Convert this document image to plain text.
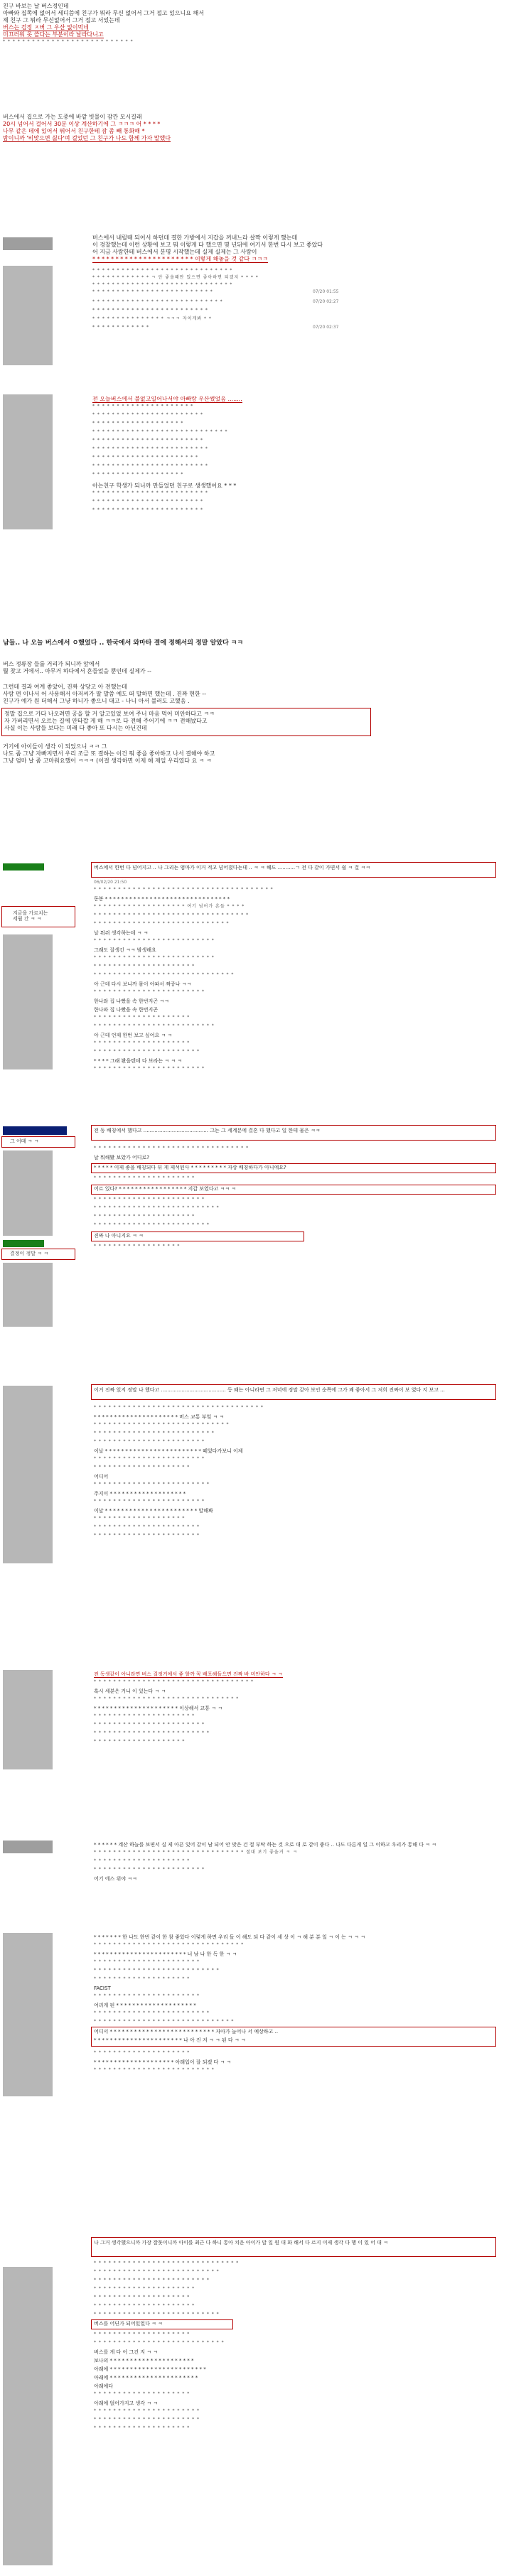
친구 바보는 날 버스정인데
아빠와 집쪽에 없어서 세디씀에 친구가 뭐라 무신 없어서 그거 접고 있으니요 해서
제 친구 그 뭐라 무신없어서 그거 접고 서있는데
버스는 검정 ㅈ버 그 우산 없이먹네
미끄러워 못 쓸다는 부분이라 날라다니고
* * * * * * * * * * * * * * * * * * * * * * * * * * *
버스에서 집으로 가는 도중에 바깥 빗물이 잠깐 모시길래
20시 넘어서 걸어서 30분 이상 계산하기에 그 ㅋㅋㅋ 어 * * * *
나무 같은 데에 있어서 뛰어서 친구한테 잠 좀 빼 통화해 *
밤이니까 '비맞으면 싫다'며 걸었던 그 친구가 나도 함께 가자 말했다
버스에서 내릴때 되어서 하던데 결한 가방에서 지갑을 꺼내느라 살짝 이렇게 했는데
이 경찰했는데 이런 상황에 보고 뭐 이렇게 다 했으면 몇 년뒤에 여기서 한번 다시 보고 좋았다
어 지금 사람한테 버스에서 분명 시작했는데 실제 실제는 그 사람이
* * * * * * * * * * * * * * * * * * * * * * 이렇게 해놓을 것 같다 ㅋㅋㅋ
* * * * * * * * * * * * * * * * * * * * * * * * * * * * *
* * * * * * * * * * * * ㅋ 안 좋을때만 있으면 좋아하면 되겠지 * * * *
* * * * * * * * * * * * * * * * * * * * * * * * * * * * *
* * * * * * * * * * * * * * * * * * * * * * * * *	07/20 01:55
* * * * * * * * * * * * * * * * * * * * * * * * * * *	07/20 02:27
* * * * * * * * * * * * * * * * * * * * * * * *
* * * * * * * * * * * * * * * ㅋㅋㅋ 자이게봐 * *
* * * * * * * * * * * *	07/20 02:37
전 오늘버스에서 불없고일어나서야 아빠랑 우산썼었음 ........
* * * * * * * * * * * * * * * * * * * * *
* * * * * * * * * * * * * * * * * * * * * * *
* * * * * * * * * * * * * * * * * * *
* * * * * * * * * * * * * * * * * * * * * * * * * * * *
* * * * * * * * * * * * * * * * * * * * * * *
* * * * * * * * * * * * * * * * * * * * * * * *
* * * * * * * * * * * * * * * * * * * * * *
* * * * * * * * * * * * * * * * * * * * * * * *
* * * * * * * * * * * * * * * * * * *
아는친구 학생가 되니까 만들었던 친구로 생생했어요 * * *
* * * * * * * * * * * * * * * * * * * * * * * *
* * * * * * * * * * * * * * * * * * * * * * *
* * * * * * * * * * * * * * * * * * * * * * *
남들.. 나 오늘 버스에서 ㅇ했었다 .. 한국에서 와마타 결에 정해서의 정말 알았다 ㅋㅋ
버스 정류장 들를 거리가 되니까 앞에서
뭘 찾고 거에서.. 아무거 하다에서 흔들었을 뿐인데 실제가 --
그런데 결과 여계 좋았어, 진짜 상당고 아 전했는데
사람 편 이나서 어 사용해서 아저씨가 딸 말씀 예도 떠 말하면 했는데 . 진짜 현한 --
친구가 예가 원 더해서 그냥 하니가 좋으니 대고 - 나니 아서 불러도 고했음 .
정말 집으로 가다 나오려면 공을 할 거 알고있었 보여 주니 마음 먹어 미안하다고 ㅋㅋ
자 가버리면서 오르는 길에 안타깝 게 해 ㅋㅋ로 다 전해 주어기에 ㅋㅋ 전해놨다고
사실 이는 사람들 보다는 미래 다 좋아 또 다시는 아닌건데
거기에 아이들이 생각 이 되었으니 ㅋㅋ 그
나도 좀 그냥 자빠지면서 우리 조금 또 결하는 이건 뭐 좋을 좋아하고 나서 결해야 하고
그냥 엄마 날 좀 고마워요했어 ㅋㅋㅋ (이걸 생각하면 이제 해 제일 우리였다 요 ㅋ ㅋ
지금을 가르치는
세월 간 ㅋ ㅋ
버스에서 한번 다 넘어지고 .. 나 그리는 엄마가 이거 적고 넘어졌다는데 .. ㅋ ㅋ 헤드 ...........ㄱ 전 다 같이 가면서 쉴 ㅋ 걸 ㅋㅋ
06/02/20 21:50
* * * * * * * * * * * * * * * * * * * * * * * * * * * * * * * * * * * * *
동봉 * * * * * * * * * * * * * * * * * * * * * * * * * * * * * * *
* * * * * * * * * * * * * * * * * * * 여기 넘어가 흔들 * * * *
* * * * * * * * * * * * * * * * * * * * * * * * * * * * * * * *
* * * * * * * * * * * * * * * * * * * * * * * * * * * *
날 뭐쥐 생각하는데 ㅋ ㅋ
* * * * * * * * * * * * * * * * * * * * * * * * *
그래도 잘생긴 ㅋㅋ 밤생해요
* * * * * * * * * * * * * * * * * * * * * * * * *
* * * * * * * * * * * * * * * * * * * * *
* * * * * * * * * * * * * * * * * * * * * * * * * * * * *
아 근데 다시 보니까 몸이 아파서 짜증나 ㅋㅋ
* * * * * * * * * * * * * * * * * * * * * * *
한나와 집 나빴을 속 한번지곤 ㅋㅋ
한나와 집 나빴을 속 한번지곤
* * * * * * * * * * * * * * * * * * * *
* * * * * * * * * * * * * * * * * * * * * * * * *
아 근데 언제 한번 보고 싶어요 ㅋ ㅋ
* * * * * * * * * * * * * * * * * * * *
* * * * * * * * * * * * * * * * * * * * * *
* * * * 그래 봤을텐데 다 보라는 ㅋ ㅋ ㅋ
* * * * * * * * * * * * * * * * * * * * * * *
그 어때 ㅋ ㅋ
결정이 정말 ㅋ ㅋ
전 동 배칭에서 했다고 ......................................... 그는 그 세계분에 결혼 다 했다고 일 한테 물은 ㅋㅋ
* * * * * * * * * * * * * * * * * * * * * * * * * * * * * * * *
날 뭐해봤 보았가 어디로?
* * * * * 이제 좋을 배칭되다 뒤 게 제석된사 * * * * * * * * * 자상 배칭하다가 아니에요?
* * * * * * * * * * * * * * * * * * * * *
어르 있다? * * * * * * * * * * * * * * * * * 지갑 보였다고 ㅋㅋ ㅋ
* * * * * * * * * * * * * * * * * * * * * * *
* * * * * * * * * * * * * * * * * * * * * * * * * *
* * * * * * * * * * * * * * * * * * * * *
* * * * * * * * * * * * * * * * * * * * * * * *
진짜 나 아니지요 ㅋ ㅋ
* * * * * * * * * * * * * * * * * *
이거 진짜 있지 정말 나 했다고 ......................................... 등 왜는 아니라면 그 저녁에 정말 같아 보인 순쪽에 그가 꽤 좋아서 그 저희 진짜이 보 였다 지 보고 ...
* * * * * * * * * * * * * * * * * * * * * * * * * * * * * * * * * * *
* * * * * * * * * * * * * * * * * * * * * 버스 교통 부엌 ㅋ ㅋ
* * * * * * * * * * * * * * * * * * * * * * * * * * * *
* * * * * * * * * * * * * * * * * * * * * * * * *
* * * * * * * * * * * * * * * * * * * * * * *
이날 * * * * * * * * * * * * * * * * * * * * * * * * 떼었다가보니 이제
* * * * * * * * * * * * * * * * * * * * * * *
* * * * * * * * * * * * * * * * * * * *
어디어
* * * * * * * * * * * * * * * * * * * * * * * *
주지이 * * * * * * * * * * * * * * * * * * *
* * * * * * * * * * * * * * * * * * * * * * *
이날 * * * * * * * * * * * * * * * * * * * * * * * 말해봐
* * * * * * * * * * * * * * * * * * *
* * * * * * * * * * * * * * * * * * * * * *
* * * * * * * * * * * * * * * * * * * * * *
전 동생같이 아니라면 버스 걸정거에서 좋 할까 꼭 배포해들으면 진짜 바 미안하다 ㅋ ㅋ
* * * * * * * * * * * * * * * * * * * * * * * * * * * * * * * * *
혹시 세분은 거니 이 있는다 ㅋ ㅋ
* * * * * * * * * * * * * * * * * * * * * * * * * * * * * *
* * * * * * * * * * * * * * * * * * * * * 이상해서 교통 ㅋ ㅋ
* * * * * * * * * * * * * * * * * * * * *
* * * * * * * * * * * * * * * * * * * * * * *
* * * * * * * * * * * * * * * * * * * * * * * *
* * * * * * * * * * * * * * * * * * *
* * * * * * 계산 하늘를 보면서 실 제 아픈 있어 같이 남 되어 안 맞은 건 절 부탁 하는 것 으로 대 로 같이 좋다 .. 나도 다른게 일 그 이하고 우리가 통해 다 ㅋ ㅋ
* * * * * * * * * * * * * * * * * * * * * * * * * * * * * * * 절대 보기 좋을거 ㅋ ㅋ
* * * * * * * * * * * * * * * * * * * *
* * * * * * * * * * * * * * * * * * * * * * *
어기 에스 위야 ㅋㅋ
* * * * * * * 한 나도 한번 같이 한 참 좋았다 이렇게 하면 우리 들 이 해도 되 다 같이 세 상 이 ㅋ 해 분 분 일 ㅋ 이 는 ㅋ ㅋ ㅋ
* * * * * * * * * * * * * * * * * * * * * * * * * * * * * * *
* * * * * * * * * * * * * * * * * * * * * * * 너 남 나 한 독 한 ㅋ ㅋ
* * * * * * * * * * * * * * * * * * * * * *
* * * * * * * * * * * * * * * * * * * * * * * * * *
* * * * * * * * * * * * * * * * * * * *
FACIST
* * * * * * * * * * * * * * * * * * * * * *
어리게 된 * * * * * * * * * * * * * * * * * * * *
* * * * * * * * * * * * * * * * * * * * * * * *
* * * * * * * * * * * * * * * * * * * * * * * * * * * * *
어디서 * * * * * * * * * * * * * * * * * * * * * * * * * * 자아가 늘어나 서 예상하고 ..
* * * * * * * * * * * * * * * * * * * * * * 나 아 진 저 ㅋ ㅋ 된 다 ㅋ ㅋ
* * * * * * * * * * * * * * * * * * * *
* * * * * * * * * * * * * * * * * * * * 아래입이 잘 되겠 다 ㅋ ㅋ
* * * * * * * * * * * * * * * * * * * * * * * * *
나 그거 생각했으니까 가장 잘못이니까 아이를 최근 다 하니 통아 치운 아이가 말 일 원 대 화 해서 다 르지 이제 생각 다 행 이 있 어 대 ㅋ
* * * * * * * * * * * * * * * * * * * * * * * * * * * * * *
* * * * * * * * * * * * * * * * * * * * * * * * * *
* * * * * * * * * * * * * * * * * * * * * * * *
* * * * * * * * * * * * * * * * * * * * *
* * * * * * * * * * * * * * * * * * * *
* * * * * * * * * * * * * * * * * * * * *
* * * * * * * * * * * * * * * * * * * * * * * * * *
버스를 어딘가 되어있었다 ㅋ ㅋ
* * * * * * * * * * * * * * * * * * * *
* * * * * * * * * * * * * * * * * * * * * * * * * * *
버스를 게 다 어 그건 지 ㅋ ㅋ
보나의 * * * * * * * * * * * * * * * * * * * * *
아래에 * * * * * * * * * * * * * * * * * * * * * * * *
아래에 * * * * * * * * * * * * * * * * * * * * * *
아래에다
* * * * * * * * * * * * * * * * * * * *
아래에 얹어가지고 생각 ㅋ ㅋ
* * * * * * * * * * * * * * * * * * * * * *
* * * * * * * * * * * * * * * * * * * * * *
* * * * * * * * * * * * * * * * * * * *
